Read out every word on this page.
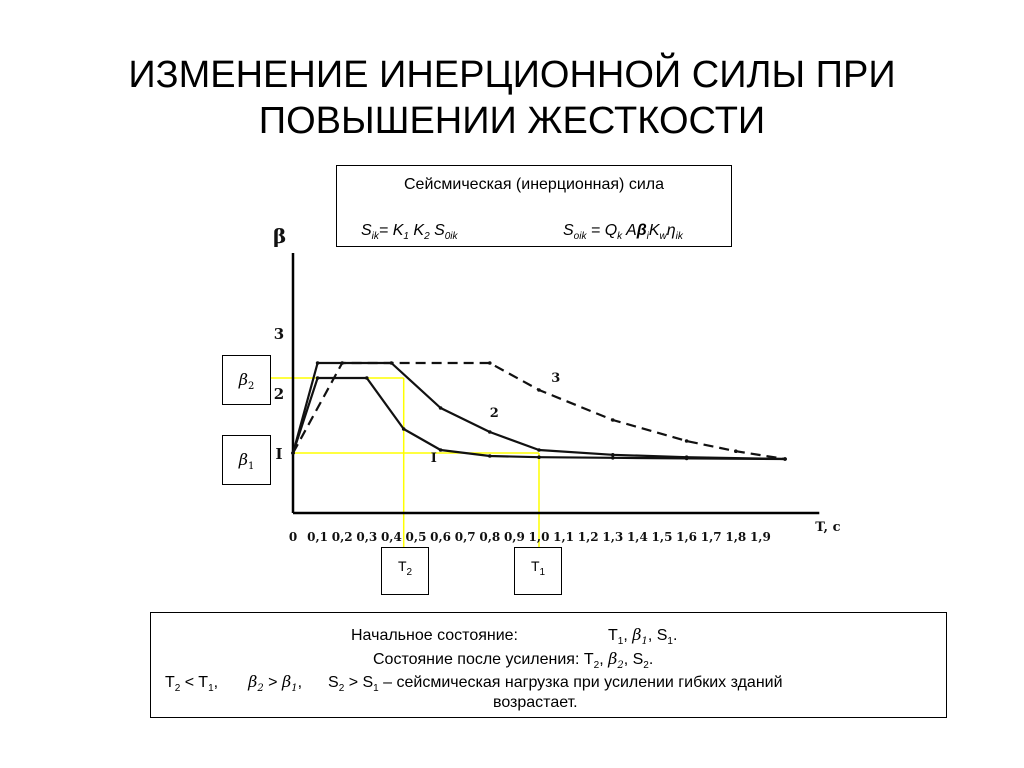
ИЗМЕНЕНИЕ ИНЕРЦИОННОЙ СИЛЫ ПРИ
ПОВЫШЕНИИ ЖЕСТКОСТИ
Сейсмическая (инерционная) сила
$S_{ik}= K_1$ $K_2$ $S_{0ik}$	$S_{oik} = Q_k$ $A\beta_iK_w\eta_{ik}$
0 0,1 0,2 0,3 0,4 0,5 0,6 0,7 0,8 0,9 1,0 1,1 1,2 1,3 1,4 1,5 1,6 1,7 1,8 1,9
T, c
I
2
3
β
I
2
3
$\beta_2$
$\beta_1$
$T_2$	$T_1$
Начальное состояние:	$T_1$, $\beta_1$, $S_1$.
Состояние после усиления: $T_2$, $\beta_2$, $S_2$.
$T_2 < T_1$, $\beta_2 > \beta_1$, $S_2 > S_1$ – сейсмическая нагрузка при усилении гибких зданий
возрастает.
